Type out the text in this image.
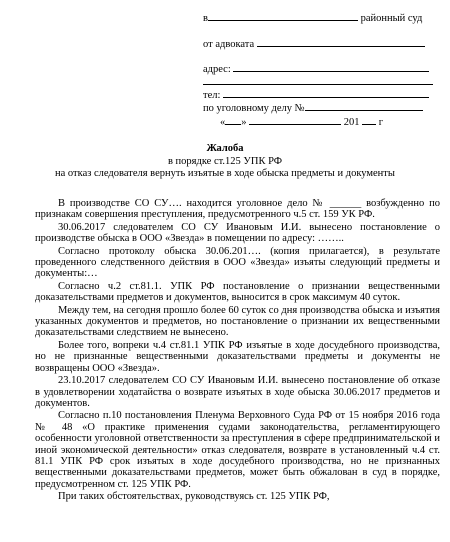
в	районный суд
от адвоката
адрес:
тел:
по уголовному делу №
« »	201 г
Жалоба
в порядке ст.125 УПК РФ
на отказ следователя вернуть изъятые в ходе обыска предметы и документы

В производстве СО СУ…. находится уголовное дело № ______ возбужденно по признакам совершения преступления, предусмотренного ч.5 ст. 159 УК РФ.

30.06.2017 следователем СО СУ Ивановым И.И. вынесено постановление о производстве обыска в ООО «Звезда» в помещении по адресу: ……..

Согласно протоколу обыска 30.06.201…. (копия прилагается), в результате проведенного следственного действия в ООО «Звезда» изъяты следующий предметы и документы:…

Согласно ч.2 ст.81.1. УПК РФ постановление о признании вещественными доказательствами предметов и документов, выносится в срок максимум 40 суток.

Между тем, на сегодня прошло более 60 суток со дня производства обыска и изъятия указанных документов и предметов, но постановление о признании их вещественными доказательствами следствием не вынесено.

Более того, вопреки ч.4 ст.81.1 УПК РФ изъятые в ходе досудебного производства, но не признанные вещественными доказательствами предметы и документы не возвращены ООО «Звезда».

23.10.2017 следователем СО СУ Ивановым И.И. вынесено постановление об отказе в удовлетворении ходатайства о возврате изъятых в ходе обыска 30.06.2017 предметов и документов.

Согласно п.10 постановления Пленума Верховного Суда РФ от 15 ноября 2016 года № 48 «О практике применения судами законодательства, регламентирующего особенности уголовной ответственности за преступления в сфере предпринимательской и иной экономической деятельности» отказ следователя, возврате в установленный ч.4 ст. 81.1 УПК РФ срок изъятых в ходе досудебного производства, но не признанных вещественными доказательствами предметов, может быть обжалован в суд в порядке, предусмотренном ст. 125 УПК РФ.

При таких обстоятельствах, руководствуясь ст. 125 УПК РФ,
